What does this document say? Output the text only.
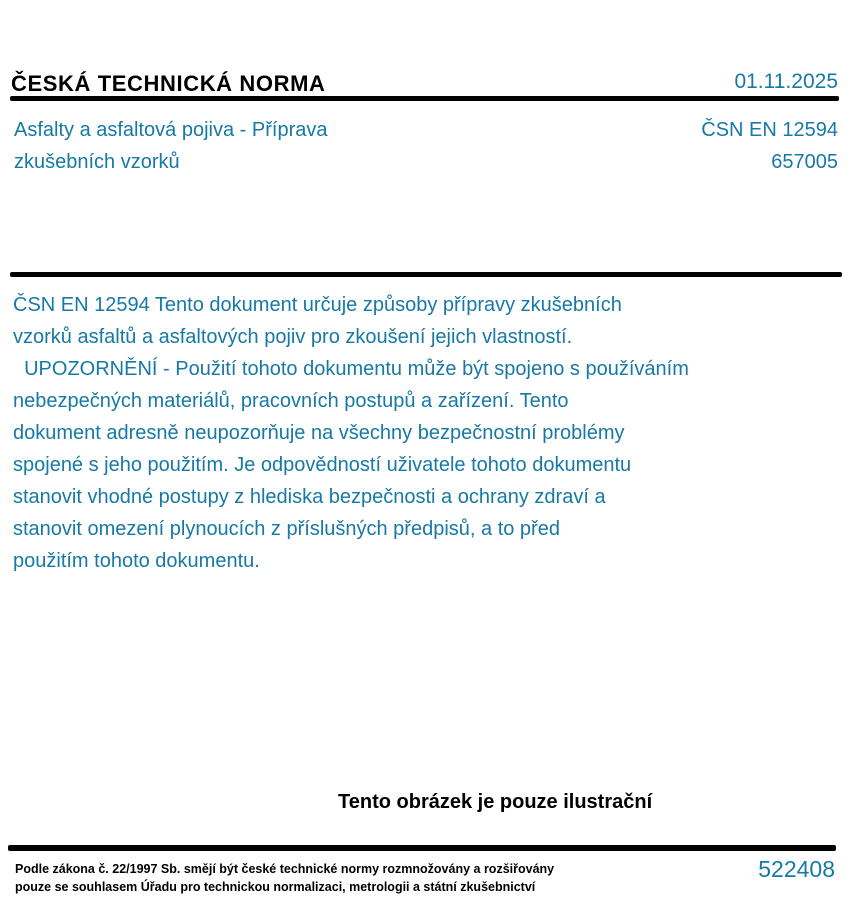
ČESKÁ TECHNICKÁ NORMA	01.11.2025
Asfalty a asfaltová pojiva - Příprava
zkušebních vzorků
ČSN EN 12594
657005
ČSN EN 12594 Tento dokument určuje způsoby přípravy zkušebních
vzorků asfaltů a asfaltových pojiv pro zkoušení jejich vlastností.
UPOZORNĚNÍ - Použití tohoto dokumentu může být spojeno s používáním
nebezpečných materiálů, pracovních postupů a zařízení. Tento
dokument adresně neupozorňuje na všechny bezpečnostní problémy
spojené s jeho použitím. Je odpovědností uživatele tohoto dokumentu
stanovit vhodné postupy z hlediska bezpečnosti a ochrany zdraví a
stanovit omezení plynoucích z příslušných předpisů, a to před
použitím tohoto dokumentu.
Tento obrázek je pouze ilustrační
Podle zákona č. 22/1997 Sb. smějí být české technické normy rozmnožovány a rozšiřovány
pouze se souhlasem Úřadu pro technickou normalizaci, metrologii a státní zkušebnictví
522408
